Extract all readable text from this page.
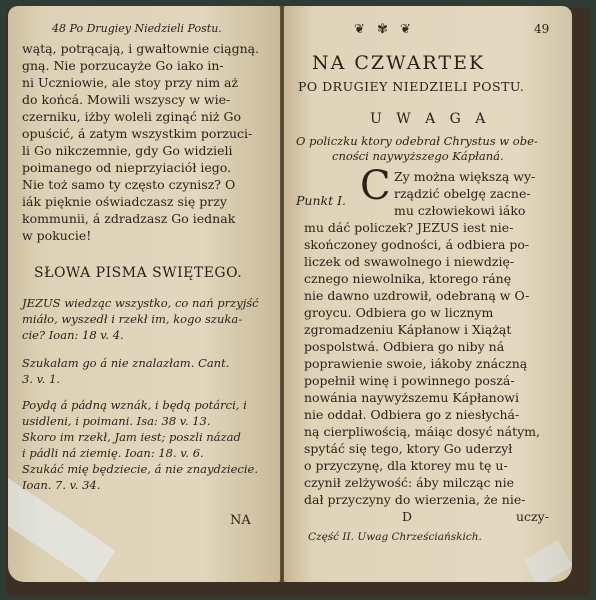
48 Po Drugiey Niedzieli Postu.
wątą, potrącają, i gwałtownie ciągną.
gną. Nie porzucayże Go iako in-
ni Uczniowie, ale stoy przy nim aż
do końcá. Mowili wszyscy w wie-
czerniku, iżby woleli zginąć niż Go
opuścić, á zatym wszystkim porzuci-
li Go nikczemnie, gdy Go widzieli
poimanego od nieprzyiaciół iego.
Nie toż samo ty często czynisz? O
iák pięknie oświadczasz się przy
kommunii, á zdradzasz Go iednak
w pokucie!
SŁOWA PISMA SWIĘTEGO.
JEZUS wiedząc wszystko, co nań przyjść
miáło, wyszedł i rzekł im, kogo szuka-
cie? Ioan: 18 v. 4.
Szukałam go á nie znalazłam. Cant.
3. v. 1.
Poydą á pádną wznák, i będą potárci, i
usidleni, i poimani. Isa: 38 v. 13.
Skoro im rzekł, Jam iest; poszli názad
i pádli ná ziemię. Ioan: 18. v. 6.
Szukáć mię będziecie, á nie znaydziecie.
Ioan. 7. v. 34.
NA
❦ ✾ ❦	49
NA CZWARTEK
PO DRUGIEY NIEDZIELI POSTU.
U W A G A
O policzku ktory odebrał Chrystus w obe-
cności naywyższego Kápłaná.
Punkt I. C Zy można większą wy-
rządzić obelgę zacne-
mu człowiekowi iáko
mu dáć policzek? JEZUS iest nie-
skończoney godności, á odbiera po-
liczek od swawolnego i niewdzię-
cznego niewolnika, ktorego ránę
nie dawno uzdrowił, odebraną w O-
groycu. Odbiera go w licznym
zgromadzeniu Kápłanow i Xiążąt
pospolstwá. Odbiera go niby ná
poprawienie swoie, iákoby znáczną
popełnił winę i powinnego poszá-
nowánia naywyższemu Kápłanowi
nie oddał. Odbiera go z niesłychá-
ną cierpliwością, máiąc dosyć nátym,
spytáć się tego, ktory Go uderzył
o przyczynę, dla ktorey mu tę u-
czynił zelżywość: áby milcząc nie
dał przyczyny do wierzenia, że nie-
D	uczy-
Część II. Uwag Chrześciańskich.
